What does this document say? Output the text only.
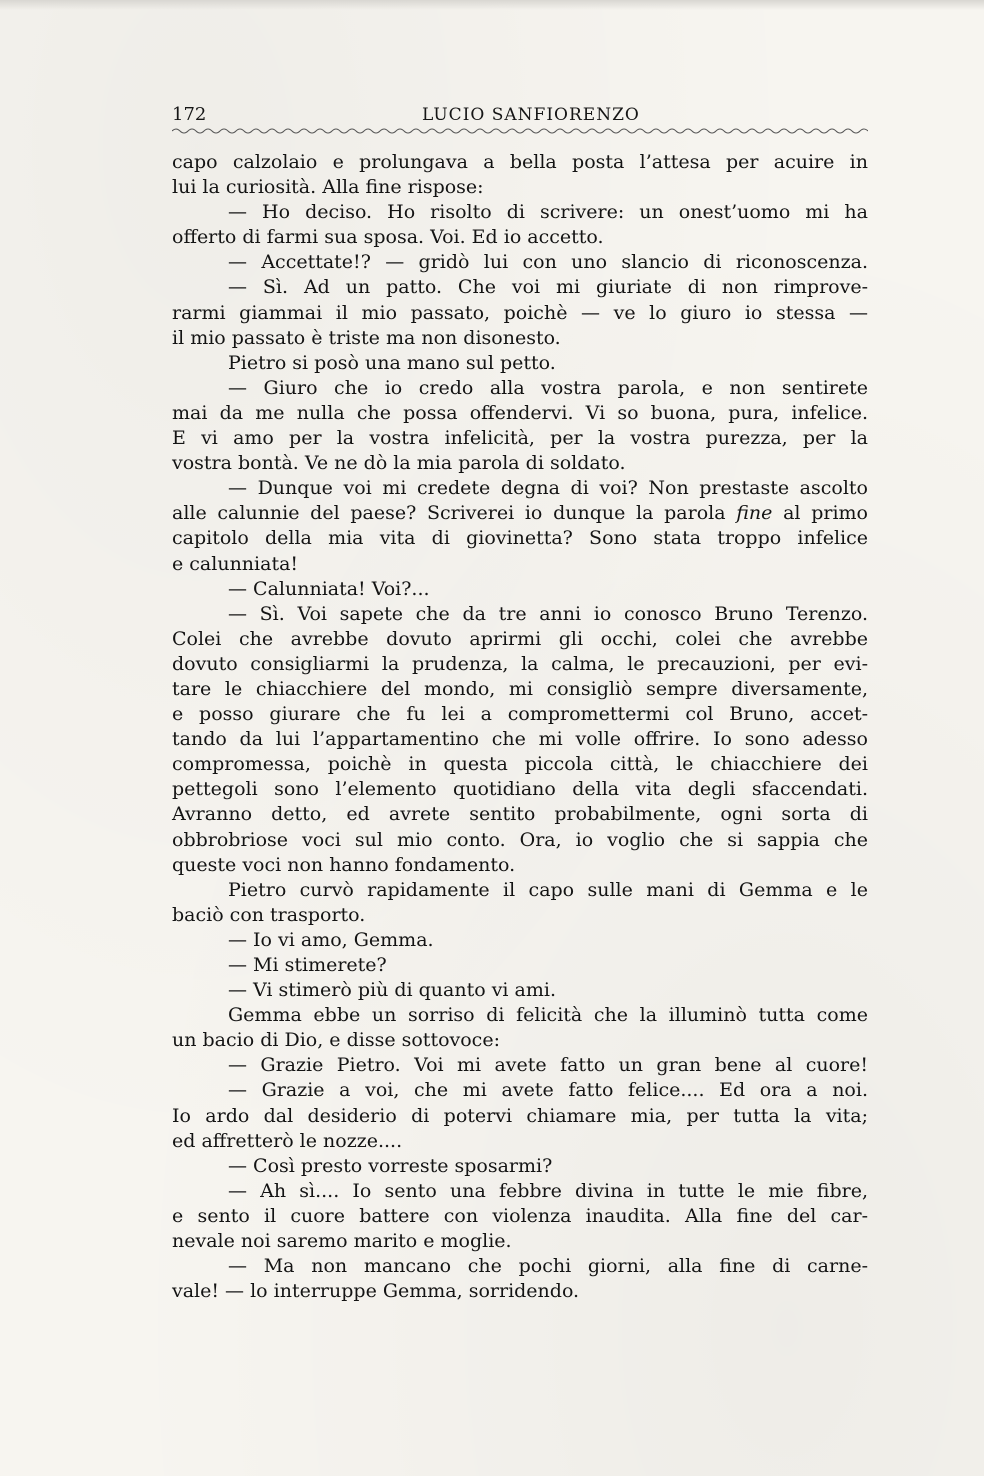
172	LUCIO SANFIORENZO
capo calzolaio e prolungava a bella posta l’attesa per acuire in
lui la curiosità. Alla fine rispose:
— Ho deciso. Ho risolto di scrivere: un onest’uomo mi ha
offerto di farmi sua sposa. Voi. Ed io accetto.
— Accettate!? — gridò lui con uno slancio di riconoscenza.
— Sì. Ad un patto. Che voi mi giuriate di non rimprove-
rarmi giammai il mio passato, poichè — ve lo giuro io stessa —
il mio passato è triste ma non disonesto.
Pietro si posò una mano sul petto.
— Giuro che io credo alla vostra parola, e non sentirete
mai da me nulla che possa offendervi. Vi so buona, pura, infelice.
E vi amo per la vostra infelicità, per la vostra purezza, per la
vostra bontà. Ve ne dò la mia parola di soldato.
— Dunque voi mi credete degna di voi? Non prestaste ascolto
alle calunnie del paese? Scriverei io dunque la parola fine al primo
capitolo della mia vita di giovinetta? Sono stata troppo infelice
e calunniata!
— Calunniata! Voi?...
— Sì. Voi sapete che da tre anni io conosco Bruno Terenzo.
Colei che avrebbe dovuto aprirmi gli occhi, colei che avrebbe
dovuto consigliarmi la prudenza, la calma, le precauzioni, per evi-
tare le chiacchiere del mondo, mi consigliò sempre diversamente,
e posso giurare che fu lei a compromettermi col Bruno, accet-
tando da lui l’appartamentino che mi volle offrire. Io sono adesso
compromessa, poichè in questa piccola città, le chiacchiere dei
pettegoli sono l’elemento quotidiano della vita degli sfaccendati.
Avranno detto, ed avrete sentito probabilmente, ogni sorta di
obbrobriose voci sul mio conto. Ora, io voglio che si sappia che
queste voci non hanno fondamento.
Pietro curvò rapidamente il capo sulle mani di Gemma e le
baciò con trasporto.
— Io vi amo, Gemma.
— Mi stimerete?
— Vi stimerò più di quanto vi ami.
Gemma ebbe un sorriso di felicità che la illuminò tutta come
un bacio di Dio, e disse sottovoce:
— Grazie Pietro. Voi mi avete fatto un gran bene al cuore!
— Grazie a voi, che mi avete fatto felice.... Ed ora a noi.
Io ardo dal desiderio di potervi chiamare mia, per tutta la vita;
ed affretterò le nozze....
— Così presto vorreste sposarmi?
— Ah sì.... Io sento una febbre divina in tutte le mie fibre,
e sento il cuore battere con violenza inaudita. Alla fine del car-
nevale noi saremo marito e moglie.
— Ma non mancano che pochi giorni, alla fine di carne-
vale! — lo interruppe Gemma, sorridendo.
